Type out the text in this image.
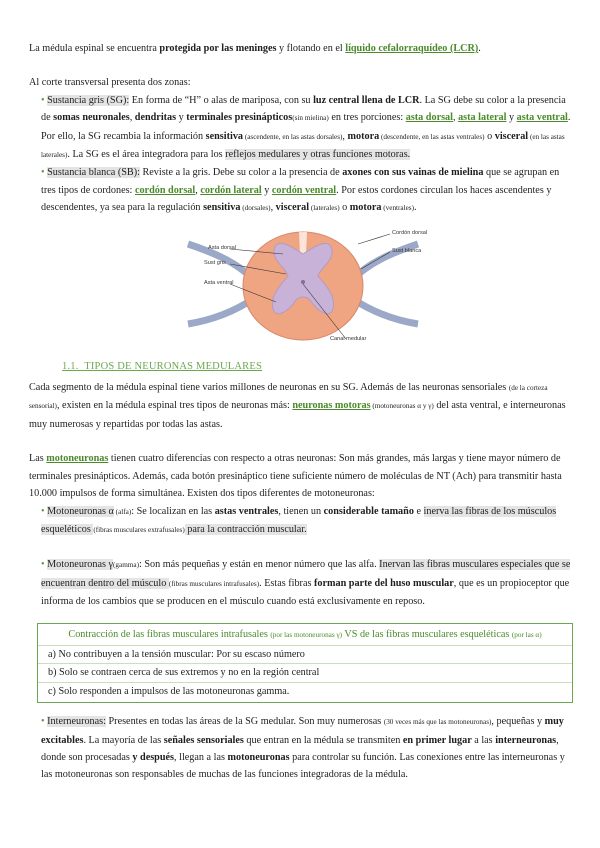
La médula espinal se encuentra protegida por las meninges y flotando en el líquido cefalorraquídeo (LCR).

Al corte transversal presenta dos zonas:

• Sustancia gris (SG): En forma de “H” o alas de mariposa, con su luz central llena de LCR. La SG debe su color a la presencia de somas neuronales, dendritas y terminales presinápticos(sin mielina) en tres porciones: asta dorsal, asta lateral y asta ventral. Por ello, la SG recambia la información sensitiva (ascendente, en las astas dorsales), motora (descendente, en las astas ventrales) o visceral (en las astas laterales). La SG es el área integradora para los reflejos medulares y otras funciones motoras.

• Sustancia blanca (SB): Reviste a la gris. Debe su color a la presencia de axones con sus vainas de mielina que se agrupan en tres tipos de cordones: cordón dorsal, cordón lateral y cordón ventral. Por estos cordones circulan los haces ascendentes y descendentes, ya sea para la regulación sensitiva (dorsales), visceral (laterales) o motora (ventrales).

Asta dorsal
Sust gris
Asta ventral
Cordón dorsal
Sust blanca
Canal medular

1.1. TIPOS DE NEURONAS MEDULARES

Cada segmento de la médula espinal tiene varios millones de neuronas en su SG. Además de las neuronas sensoriales (de la corteza sensorial), existen en la médula espinal tres tipos de neuronas más: neuronas motoras (motoneuronas α y γ) del asta ventral, e interneuronas muy numerosas y repartidas por todas las astas.

Las motoneuronas tienen cuatro diferencias con respecto a otras neuronas: Son más grandes, más largas y tiene mayor número de terminales presinápticos. Además, cada botón presináptico tiene suficiente número de moléculas de NT (Ach) para transmitir hasta 10.000 impulsos de forma simultánea. Existen dos tipos diferentes de motoneuronas:

• Motoneuronas α (alfa): Se localizan en las astas ventrales, tienen un considerable tamaño e inerva las fibras de los músculos esqueléticos (fibras musculares extrafusales) para la contracción muscular.

• Motoneuronas γ(gamma): Son más pequeñas y están en menor número que las alfa. Inervan las fibras musculares especiales que se encuentran dentro del músculo (fibras musculares intrafusales). Estas fibras forman parte del huso muscular, que es un propioceptor que informa de los cambios que se producen en el músculo cuando está exclusivamente en reposo.

Contracción de las fibras musculares intrafusales (por las motoneuronas γ) VS de las fibras musculares esqueléticas (por las α)

a) No contribuyen a la tensión muscular: Por su escaso número

b) Solo se contraen cerca de sus extremos y no en la región central

c) Solo responden a impulsos de las motoneuronas gamma.

• Interneuronas: Presentes en todas las áreas de la SG medular. Son muy numerosas (30 veces más que las motoneuronas), pequeñas y muy excitables. La mayoría de las señales sensoriales que entran en la médula se transmiten en primer lugar a las interneuronas, donde son procesadas y después, llegan a las motoneuronas para controlar su función. Las conexiones entre las interneuronas y las motoneuronas son responsables de muchas de las funciones integradoras de la médula.
